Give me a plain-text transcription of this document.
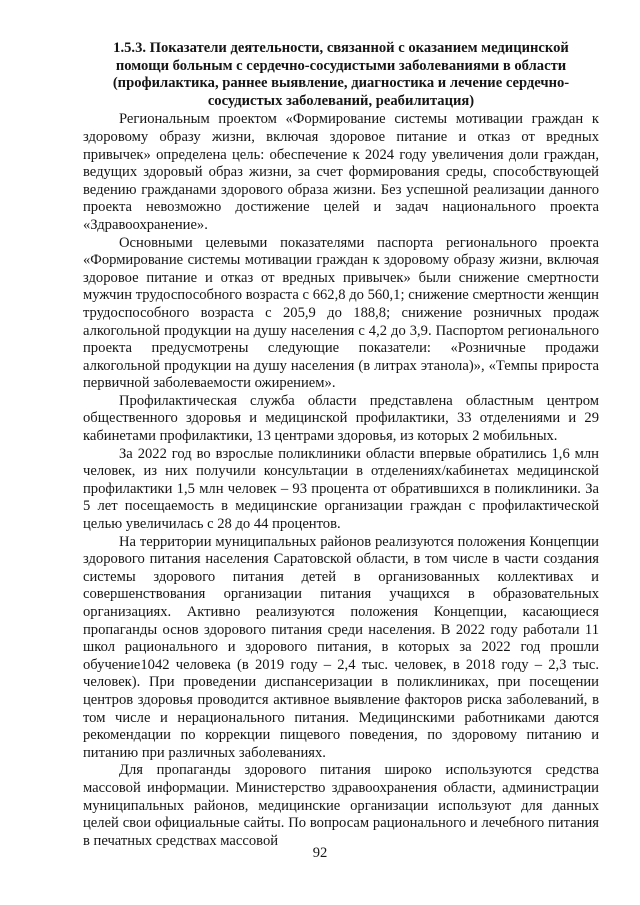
1.5.3. Показатели деятельности, связанной с оказанием медицинской помощи больным с сердечно-сосудистыми заболеваниями в области (профилактика, раннее выявление, диагностика и лечение сердечно-сосудистых заболеваний, реабилитация)

Региональным проектом «Формирование системы мотивации граждан к здоровому образу жизни, включая здоровое питание и отказ от вредных привычек» определена цель: обеспечение к 2024 году увеличения доли граждан, ведущих здоровый образ жизни, за счет формирования среды, способствующей ведению гражданами здорового образа жизни. Без успешной реализации данного проекта невозможно достижение целей и задач национального проекта «Здравоохранение».

Основными целевыми показателями паспорта регионального проекта «Формирование системы мотивации граждан к здоровому образу жизни, включая здоровое питание и отказ от вредных привычек» были снижение смертности мужчин трудоспособного возраста с 662,8 до 560,1; снижение смертности женщин трудоспособного возраста с 205,9 до 188,8; снижение розничных продаж алкогольной продукции на душу населения с 4,2 до 3,9. Паспортом регионального проекта предусмотрены следующие показатели: «Розничные продажи алкогольной продукции на душу населения (в литрах этанола)», «Темпы прироста первичной заболеваемости ожирением».

Профилактическая служба области представлена областным центром общественного здоровья и медицинской профилактики, 33 отделениями и 29 кабинетами профилактики, 13 центрами здоровья, из которых 2 мобильных.

За 2022 год во взрослые поликлиники области впервые обратились 1,6 млн человек, из них получили консультации в отделениях/кабинетах медицинской профилактики 1,5 млн человек – 93 процента от обратившихся в поликлиники. За 5 лет посещаемость в медицинские организации граждан с профилактической целью увеличилась с 28 до 44 процентов.

На территории муниципальных районов реализуются положения Концепции здорового питания населения Саратовской области, в том числе в части создания системы здорового питания детей в организованных коллективах и совершенствования организации питания учащихся в образовательных организациях. Активно реализуются положения Концепции, касающиеся пропаганды основ здорового питания среди населения. В 2022 году работали 11 школ рационального и здорового питания, в которых за 2022 год прошли обучение1042 человека (в 2019 году – 2,4 тыс. человек, в 2018 году – 2,3 тыс. человек). При проведении диспансеризации в поликлиниках, при посещении центров здоровья проводится активное выявление факторов риска заболеваний, в том числе и нерационального питания. Медицинскими работниками даются рекомендации по коррекции пищевого поведения, по здоровому питанию и питанию при различных заболеваниях.

Для пропаганды здорового питания широко используются средства массовой информации. Министерство здравоохранения области, администрации муниципальных районов, медицинские организации используют для данных целей свои официальные сайты. По вопросам рационального и лечебного питания в печатных средствах массовой

92
